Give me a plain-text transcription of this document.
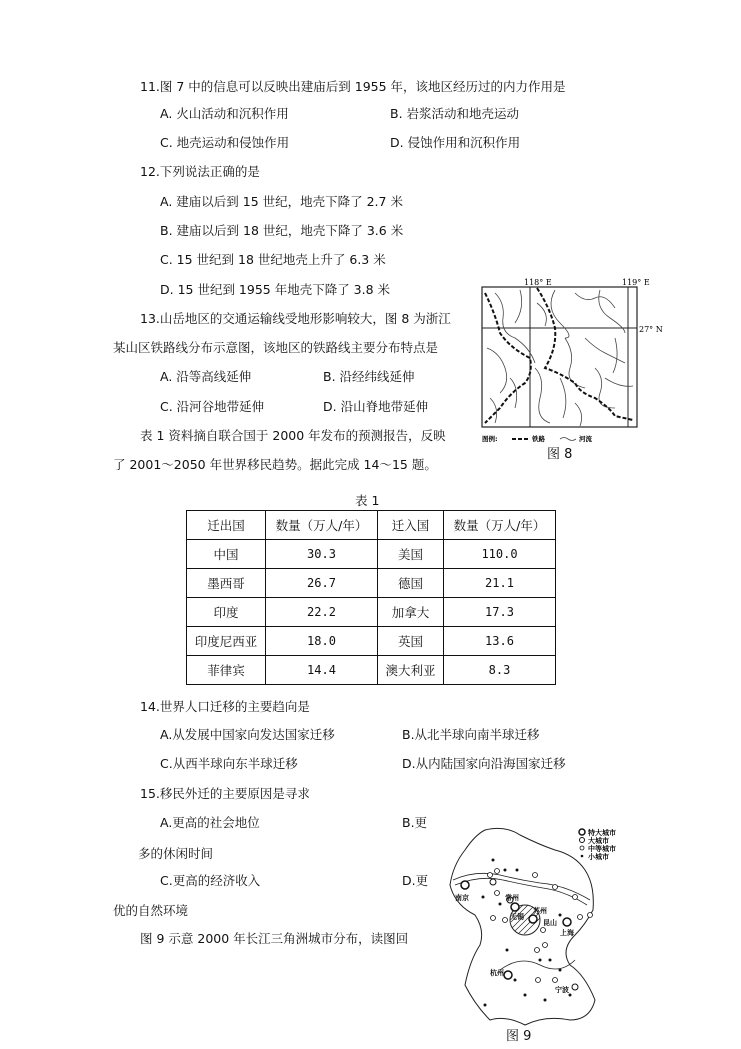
11.图 7 中的信息可以反映出建庙后到 1955 年，该地区经历过的内力作用是
A. 火山活动和沉积作用	B. 岩浆活动和地壳运动
C. 地壳运动和侵蚀作用	D. 侵蚀作用和沉积作用
12.下列说法正确的是
A. 建庙以后到 15 世纪，地壳下降了 2.7 米
B. 建庙以后到 18 世纪，地壳下降了 3.6 米
C. 15 世纪到 18 世纪地壳上升了 6.3 米
D. 15 世纪到 1955 年地壳下降了 3.8 米
13.山岳地区的交通运输线受地形影响较大，图 8 为浙江
某山区铁路线分布示意图，该地区的铁路线主要分布特点是
A. 沿等高线延伸	B. 沿经纬线延伸
C. 沿河谷地带延伸	D. 沿山脊地带延伸
表 1 资料摘自联合国于 2000 年发布的预测报告，反映
了 2001～2050 年世界移民趋势。据此完成 14～15 题。
118° E	119° E
27° N
图例:	铁路	河流
图 8
表 1
迁出国	数量（万人/年）	迁入国	数量（万人/年）
中国	30.3	美国	110.0
墨西哥	26.7	德国	21.1
印度	22.2	加拿大	17.3
印度尼西亚	18.0	英国	13.6
菲律宾	14.4	澳大利亚	8.3
14.世界人口迁移的主要趋向是
A.从发展中国家向发达国家迁移	B.从北半球向南半球迁移
C.从西半球向东半球迁移	D.从内陆国家向沿海国家迁移
15.移民外迁的主要原因是寻求
A.更高的社会地位	B.更
多的休闲时间
C.更高的经济收入	D.更
优的自然环境
图 9 示意 2000 年长江三角洲城市分布，读图回
南京	常州
无锡
苏州
昆山
上海
杭州
宁波
特大城市
大城市
中等城市
小城市
图 9
